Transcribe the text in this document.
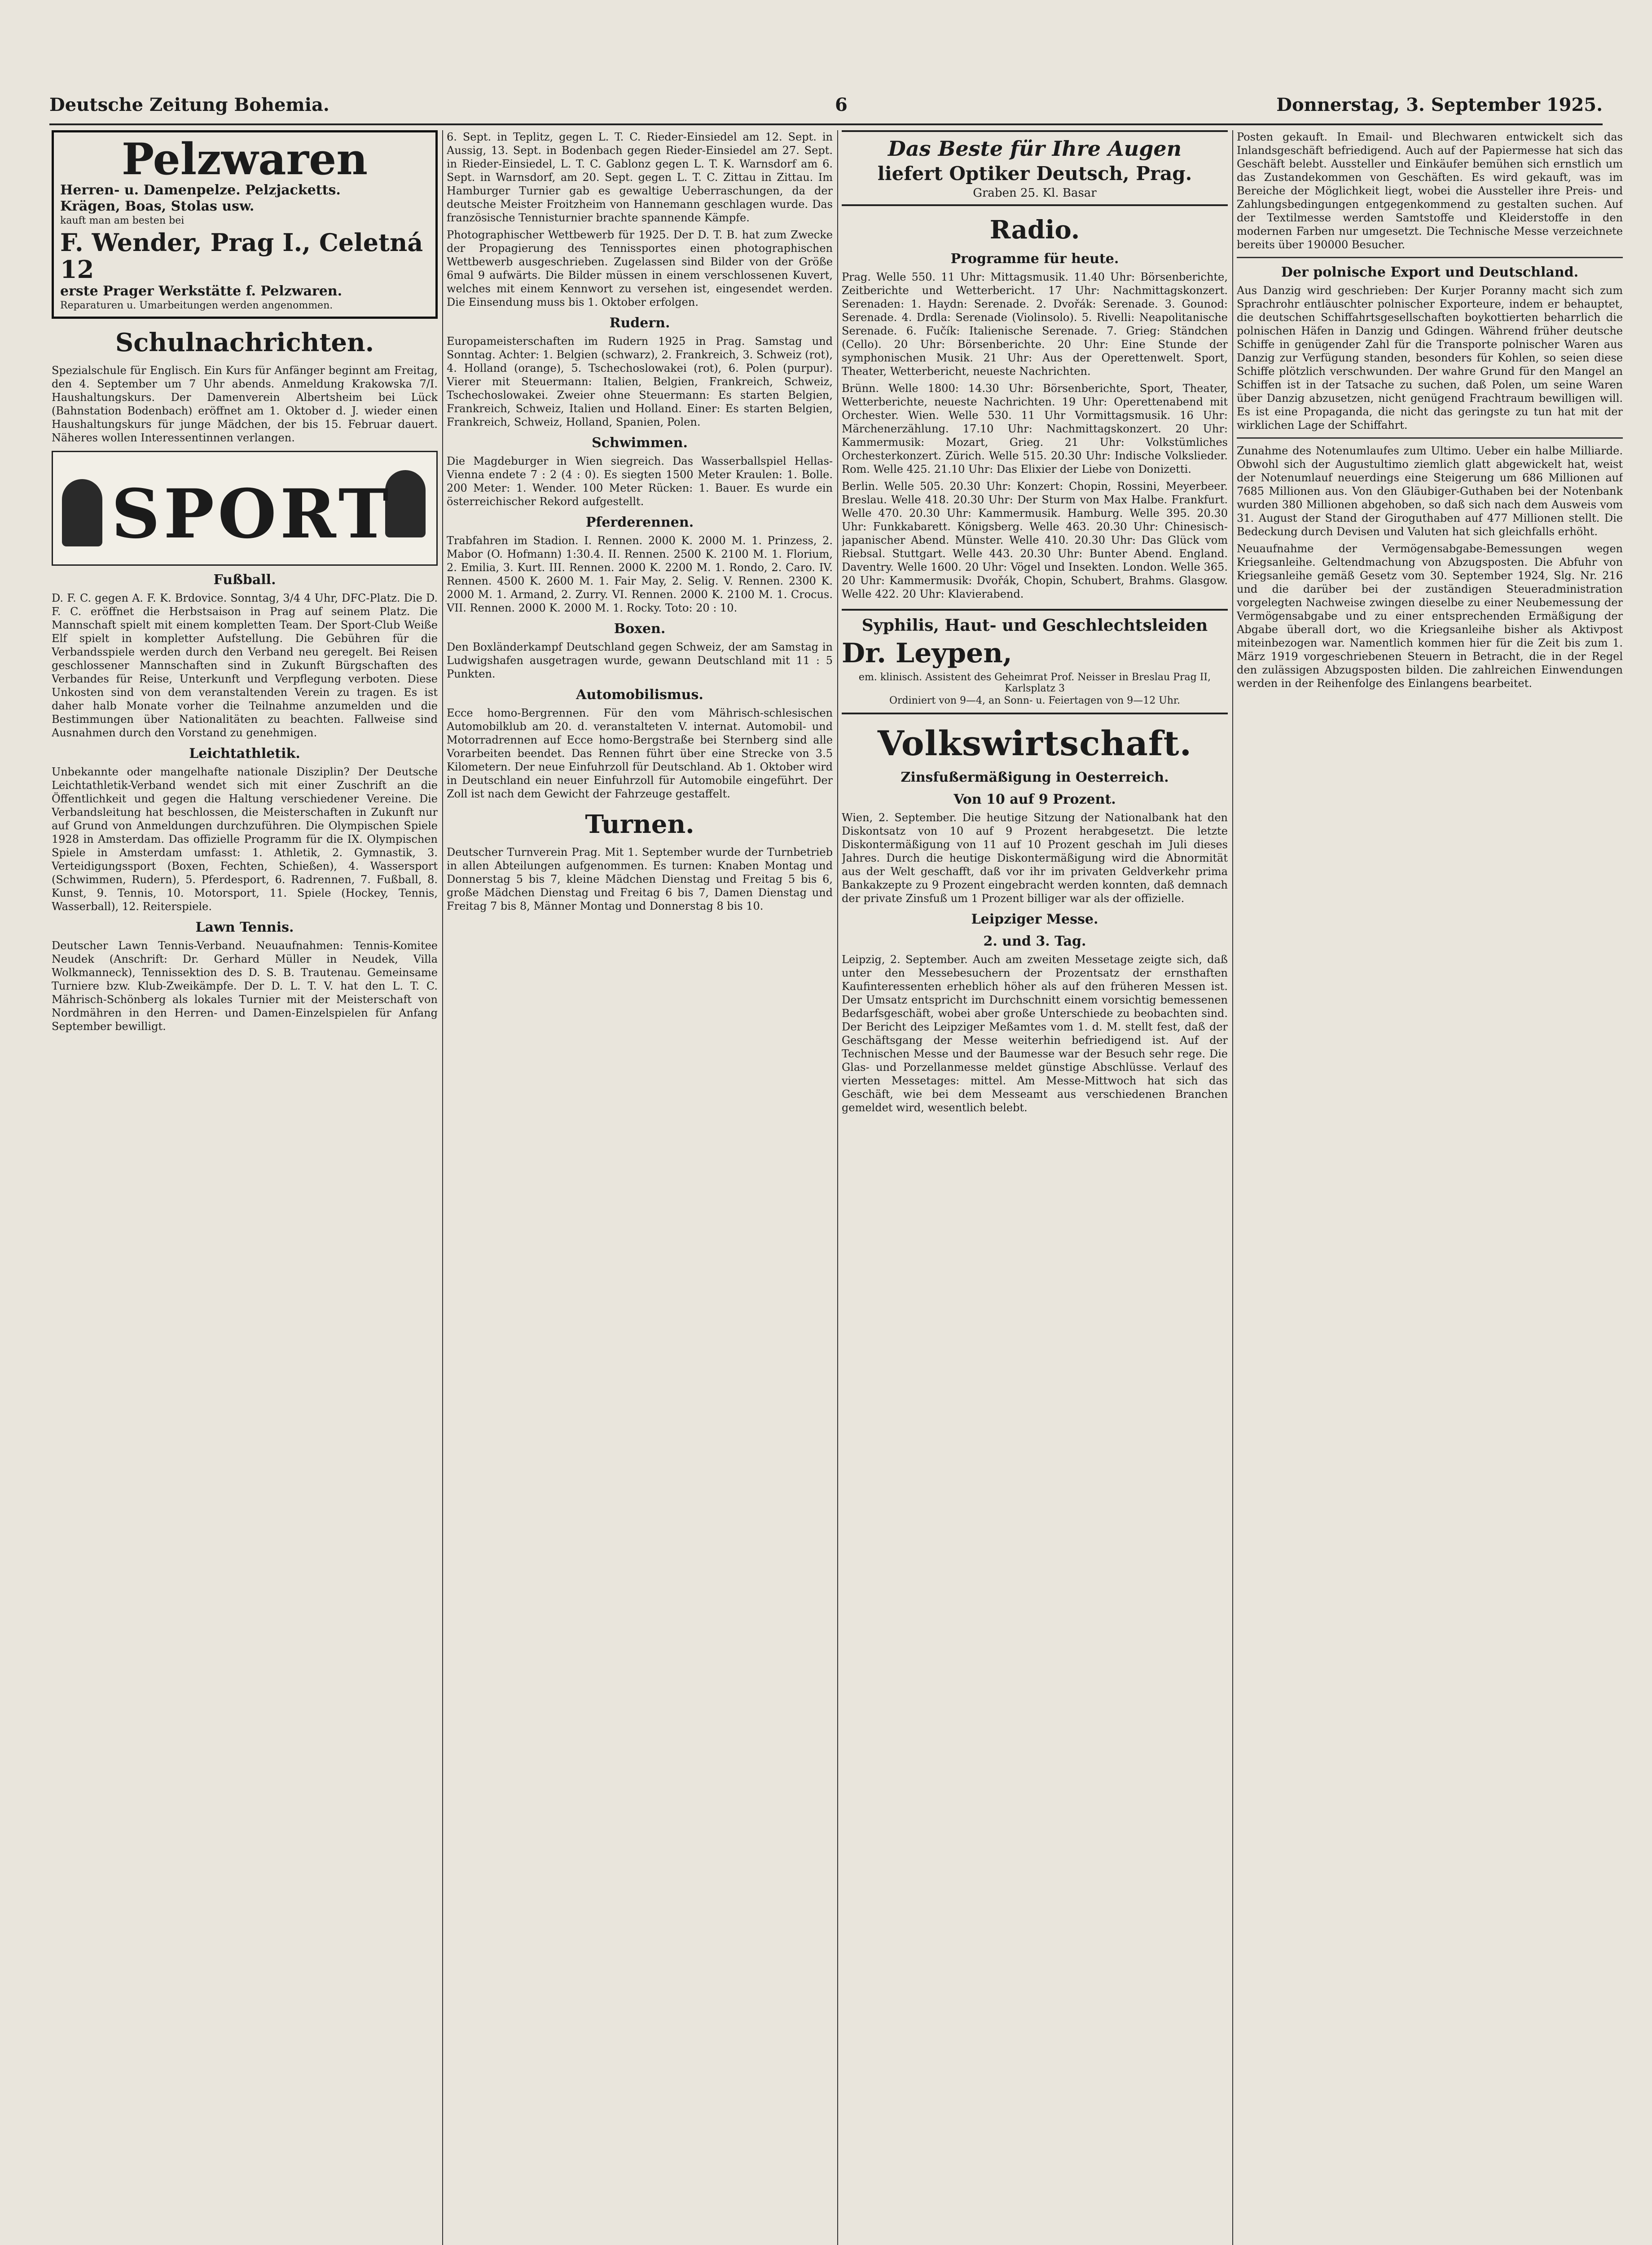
Deutsche Zeitung Bohemia.	6	Donnerstag, 3. September 1925.

Pelzwaren

Herren- u. Damenpelze. Pelzjacketts.

Krägen, Boas, Stolas usw.

kauft man am besten bei

F. Wender, Prag I., Celetná 12

erste Prager Werkstätte f. Pelzwaren.

Reparaturen u. Umarbeitungen werden angenommen.

Schulnachrichten.

Spezialschule für Englisch. Ein Kurs für Anfänger beginnt am Freitag, den 4. September um 7 Uhr abends. Anmeldung Krakowska 7/I. Haushaltungskurs. Der Damenverein Albertsheim bei Lück (Bahnstation Bodenbach) eröffnet am 1. Oktober d. J. wieder einen Haushaltungskurs für junge Mädchen, der bis 15. Februar dauert. Näheres wollen Interessentinnen verlangen.

SPORT
Fußball.

D. F. C. gegen A. F. K. Brdovice. Sonntag, 3/4 4 Uhr, DFC-Platz. Die D. F. C. eröffnet die Herbstsaison in Prag auf seinem Platz. Die Mannschaft spielt mit einem kompletten Team. Der Sport-Club Weiße Elf spielt in kompletter Aufstellung. Die Gebühren für die Verbandsspiele werden durch den Verband neu geregelt. Bei Reisen geschlossener Mannschaften sind in Zukunft Bürgschaften des Verbandes für Reise, Unterkunft und Verpflegung verboten. Diese Unkosten sind von dem veranstaltenden Verein zu tragen. Es ist daher halb Monate vorher die Teilnahme anzumelden und die Bestimmungen über Nationalitäten zu beachten. Fallweise sind Ausnahmen durch den Vorstand zu genehmigen.

Leichtathletik.

Unbekannte oder mangelhafte nationale Disziplin? Der Deutsche Leichtathletik-Verband wendet sich mit einer Zuschrift an die Öffentlichkeit und gegen die Haltung verschiedener Vereine. Die Verbandsleitung hat beschlossen, die Meisterschaften in Zukunft nur auf Grund von Anmeldungen durchzuführen. Die Olympischen Spiele 1928 in Amsterdam. Das offizielle Programm für die IX. Olympischen Spiele in Amsterdam umfasst: 1. Athletik, 2. Gymnastik, 3. Verteidigungssport (Boxen, Fechten, Schießen), 4. Wassersport (Schwimmen, Rudern), 5. Pferdesport, 6. Radrennen, 7. Fußball, 8. Kunst, 9. Tennis, 10. Motorsport, 11. Spiele (Hockey, Tennis, Wasserball), 12. Reiterspiele.

Lawn Tennis.

Deutscher Lawn Tennis-Verband. Neuaufnahmen: Tennis-Komitee Neudek (Anschrift: Dr. Gerhard Müller in Neudek, Villa Wolkmanneck), Tennissektion des D. S. B. Trautenau. Gemeinsame Turniere bzw. Klub-Zweikämpfe. Der D. L. T. V. hat den L. T. C. Mährisch-Schönberg als lokales Turnier mit der Meisterschaft von Nordmähren in den Herren- und Damen-Einzelspielen für Anfang September bewilligt.

6. Sept. in Teplitz, gegen L. T. C. Rieder-Einsiedel am 12. Sept. in Aussig, 13. Sept. in Bodenbach gegen Rieder-Einsiedel am 27. Sept. in Rieder-Einsiedel, L. T. C. Gablonz gegen L. T. K. Warnsdorf am 6. Sept. in Warnsdorf, am 20. Sept. gegen L. T. C. Zittau in Zittau. Im Hamburger Turnier gab es gewaltige Ueberraschungen, da der deutsche Meister Froitzheim von Hannemann geschlagen wurde. Das französische Tennisturnier brachte spannende Kämpfe.

Photographischer Wettbewerb für 1925. Der D. T. B. hat zum Zwecke der Propagierung des Tennissportes einen photographischen Wettbewerb ausgeschrieben. Zugelassen sind Bilder von der Größe 6mal 9 aufwärts. Die Bilder müssen in einem verschlossenen Kuvert, welches mit einem Kennwort zu versehen ist, eingesendet werden. Die Einsendung muss bis 1. Oktober erfolgen.

Rudern.

Europameisterschaften im Rudern 1925 in Prag. Samstag und Sonntag. Achter: 1. Belgien (schwarz), 2. Frankreich, 3. Schweiz (rot), 4. Holland (orange), 5. Tschechoslowakei (rot), 6. Polen (purpur). Vierer mit Steuermann: Italien, Belgien, Frankreich, Schweiz, Tschechoslowakei. Zweier ohne Steuermann: Es starten Belgien, Frankreich, Schweiz, Italien und Holland. Einer: Es starten Belgien, Frankreich, Schweiz, Holland, Spanien, Polen.

Schwimmen.

Die Magdeburger in Wien siegreich. Das Wasserballspiel Hellas-Vienna endete 7 : 2 (4 : 0). Es siegten 1500 Meter Kraulen: 1. Bolle. 200 Meter: 1. Wender. 100 Meter Rücken: 1. Bauer. Es wurde ein österreichischer Rekord aufgestellt.

Pferderennen.

Trabfahren im Stadion. I. Rennen. 2000 K. 2000 M. 1. Prinzess, 2. Mabor (O. Hofmann) 1:30.4. II. Rennen. 2500 K. 2100 M. 1. Florium, 2. Emilia, 3. Kurt. III. Rennen. 2000 K. 2200 M. 1. Rondo, 2. Caro. IV. Rennen. 4500 K. 2600 M. 1. Fair May, 2. Selig. V. Rennen. 2300 K. 2000 M. 1. Armand, 2. Zurry. VI. Rennen. 2000 K. 2100 M. 1. Crocus. VII. Rennen. 2000 K. 2000 M. 1. Rocky. Toto: 20 : 10.

Boxen.

Den Boxländerkampf Deutschland gegen Schweiz, der am Samstag in Ludwigshafen ausgetragen wurde, gewann Deutschland mit 11 : 5 Punkten.

Automobilismus.

Ecce homo-Bergrennen. Für den vom Mährisch-schlesischen Automobilklub am 20. d. veranstalteten V. internat. Automobil- und Motorradrennen auf Ecce homo-Bergstraße bei Sternberg sind alle Vorarbeiten beendet. Das Rennen führt über eine Strecke von 3.5 Kilometern. Der neue Einfuhrzoll für Deutschland. Ab 1. Oktober wird in Deutschland ein neuer Einfuhrzoll für Automobile eingeführt. Der Zoll ist nach dem Gewicht der Fahrzeuge gestaffelt.

Turnen.

Deutscher Turnverein Prag. Mit 1. September wurde der Turnbetrieb in allen Abteilungen aufgenommen. Es turnen: Knaben Montag und Donnerstag 5 bis 7, kleine Mädchen Dienstag und Freitag 5 bis 6, große Mädchen Dienstag und Freitag 6 bis 7, Damen Dienstag und Freitag 7 bis 8, Männer Montag und Donnerstag 8 bis 10.

Das Beste für Ihre Augen

liefert Optiker Deutsch, Prag.

Graben 25. Kl. Basar

Radio.
Programme für heute.

Prag. Welle 550. 11 Uhr: Mittagsmusik. 11.40 Uhr: Börsenberichte, Zeitberichte und Wetterbericht. 17 Uhr: Nachmittagskonzert. Serenaden: 1. Haydn: Serenade. 2. Dvořák: Serenade. 3. Gounod: Serenade. 4. Drdla: Serenade (Violinsolo). 5. Rivelli: Neapolitanische Serenade. 6. Fučík: Italienische Serenade. 7. Grieg: Ständchen (Cello). 20 Uhr: Börsenberichte. 20 Uhr: Eine Stunde der symphonischen Musik. 21 Uhr: Aus der Operettenwelt. Sport, Theater, Wetterbericht, neueste Nachrichten.

Brünn. Welle 1800: 14.30 Uhr: Börsenberichte, Sport, Theater, Wetterberichte, neueste Nachrichten. 19 Uhr: Operettenabend mit Orchester. Wien. Welle 530. 11 Uhr Vormittagsmusik. 16 Uhr: Märchenerzählung. 17.10 Uhr: Nachmittagskonzert. 20 Uhr: Kammermusik: Mozart, Grieg. 21 Uhr: Volkstümliches Orchesterkonzert. Zürich. Welle 515. 20.30 Uhr: Indische Volkslieder. Rom. Welle 425. 21.10 Uhr: Das Elixier der Liebe von Donizetti.

Berlin. Welle 505. 20.30 Uhr: Konzert: Chopin, Rossini, Meyerbeer. Breslau. Welle 418. 20.30 Uhr: Der Sturm von Max Halbe. Frankfurt. Welle 470. 20.30 Uhr: Kammermusik. Hamburg. Welle 395. 20.30 Uhr: Funkkabarett. Königsberg. Welle 463. 20.30 Uhr: Chinesisch-japanischer Abend. Münster. Welle 410. 20.30 Uhr: Das Glück vom Riebsal. Stuttgart. Welle 443. 20.30 Uhr: Bunter Abend. England. Daventry. Welle 1600. 20 Uhr: Vögel und Insekten. London. Welle 365. 20 Uhr: Kammermusik: Dvořák, Chopin, Schubert, Brahms. Glasgow. Welle 422. 20 Uhr: Klavierabend.

Syphilis, Haut- und Geschlechtsleiden

Dr. Leypen,

em. klinisch. Assistent des Geheimrat Prof. Neisser in Breslau Prag II, Karlsplatz 3

Ordiniert von 9—4, an Sonn- u. Feiertagen von 9—12 Uhr.

Volkswirtschaft.
Zinsfußermäßigung in Oesterreich.
Von 10 auf 9 Prozent.

Wien, 2. September. Die heutige Sitzung der Nationalbank hat den Diskontsatz von 10 auf 9 Prozent herabgesetzt. Die letzte Diskontermäßigung von 11 auf 10 Prozent geschah im Juli dieses Jahres. Durch die heutige Diskontermäßigung wird die Abnormität aus der Welt geschafft, daß vor ihr im privaten Geldverkehr prima Bankakzepte zu 9 Prozent eingebracht werden konnten, daß demnach der private Zinsfuß um 1 Prozent billiger war als der offizielle.

Leipziger Messe.
2. und 3. Tag.

Leipzig, 2. September. Auch am zweiten Messetage zeigte sich, daß unter den Messebesuchern der Prozentsatz der ernsthaften Kaufinteressenten erheblich höher als auf den früheren Messen ist. Der Umsatz entspricht im Durchschnitt einem vorsichtig bemessenen Bedarfsgeschäft, wobei aber große Unterschiede zu beobachten sind. Der Bericht des Leipziger Meßamtes vom 1. d. M. stellt fest, daß der Geschäftsgang der Messe weiterhin befriedigend ist. Auf der Technischen Messe und der Baumesse war der Besuch sehr rege. Die Glas- und Porzellanmesse meldet günstige Abschlüsse. Verlauf des vierten Messetages: mittel. Am Messe-Mittwoch hat sich das Geschäft, wie bei dem Messeamt aus verschiedenen Branchen gemeldet wird, wesentlich belebt.

Posten gekauft. In Email- und Blechwaren entwickelt sich das Inlandsgeschäft befriedigend. Auch auf der Papiermesse hat sich das Geschäft belebt. Aussteller und Einkäufer bemühen sich ernstlich um das Zustandekommen von Geschäften. Es wird gekauft, was im Bereiche der Möglichkeit liegt, wobei die Aussteller ihre Preis- und Zahlungsbedingungen entgegenkommend zu gestalten suchen. Auf der Textilmesse werden Samtstoffe und Kleiderstoffe in den modernen Farben nur umgesetzt. Die Technische Messe verzeichnete bereits über 190000 Besucher.

Der polnische Export und Deutschland.

Aus Danzig wird geschrieben: Der Kurjer Poranny macht sich zum Sprachrohr entläuschter polnischer Exporteure, indem er behauptet, die deutschen Schiffahrtsgesellschaften boykottierten beharrlich die polnischen Häfen in Danzig und Gdingen. Während früher deutsche Schiffe in genügender Zahl für die Transporte polnischer Waren aus Danzig zur Verfügung standen, besonders für Kohlen, so seien diese Schiffe plötzlich verschwunden. Der wahre Grund für den Mangel an Schiffen ist in der Tatsache zu suchen, daß Polen, um seine Waren über Danzig abzusetzen, nicht genügend Frachtraum bewilligen will. Es ist eine Propaganda, die nicht das geringste zu tun hat mit der wirklichen Lage der Schiffahrt.

Zunahme des Notenumlaufes zum Ultimo. Ueber ein halbe Milliarde. Obwohl sich der Augustultimo ziemlich glatt abgewickelt hat, weist der Notenumlauf neuerdings eine Steigerung um 686 Millionen auf 7685 Millionen aus. Von den Gläubiger-Guthaben bei der Notenbank wurden 380 Millionen abgehoben, so daß sich nach dem Ausweis vom 31. August der Stand der Giroguthaben auf 477 Millionen stellt. Die Bedeckung durch Devisen und Valuten hat sich gleichfalls erhöht.

Neuaufnahme der Vermögensabgabe-Bemessungen wegen Kriegsanleihe. Geltendmachung von Abzugsposten. Die Abfuhr von Kriegsanleihe gemäß Gesetz vom 30. September 1924, Slg. Nr. 216 und die darüber bei der zuständigen Steueradministration vorgelegten Nachweise zwingen dieselbe zu einer Neubemessung der Vermögensabgabe und zu einer entsprechenden Ermäßigung der Abgabe überall dort, wo die Kriegsanleihe bisher als Aktivpost miteinbezogen war. Namentlich kommen hier für die Zeit bis zum 1. März 1919 vorgeschriebenen Steuern in Betracht, die in der Regel den zulässigen Abzugsposten bilden. Die zahlreichen Einwendungen werden in der Reihenfolge des Einlangens bearbeitet.
